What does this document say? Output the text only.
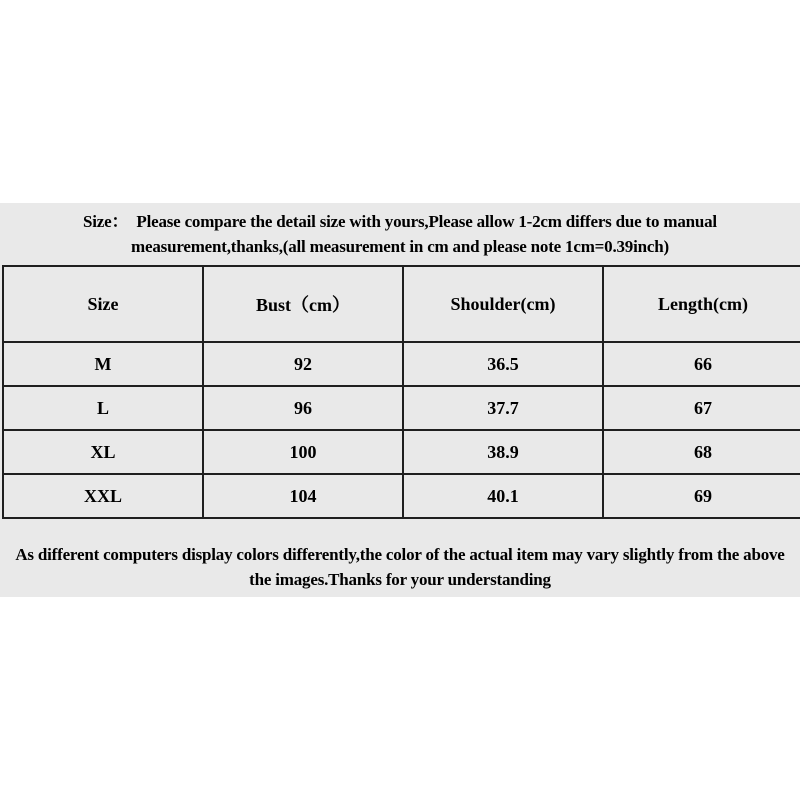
Size：  Please compare the detail size with yours,Please allow 1-2cm differs due to manual
measurement,thanks,(all measurement in cm and please note 1cm=0.39inch)
Size	Bust（cm）	Shoulder(cm)	Length(cm)
M	92	36.5	66
L	96	37.7	67
XL	100	38.9	68
XXL	104	40.1	69
As different computers display colors differently,the color of the actual item may vary slightly from the above
the images.Thanks for your understanding
